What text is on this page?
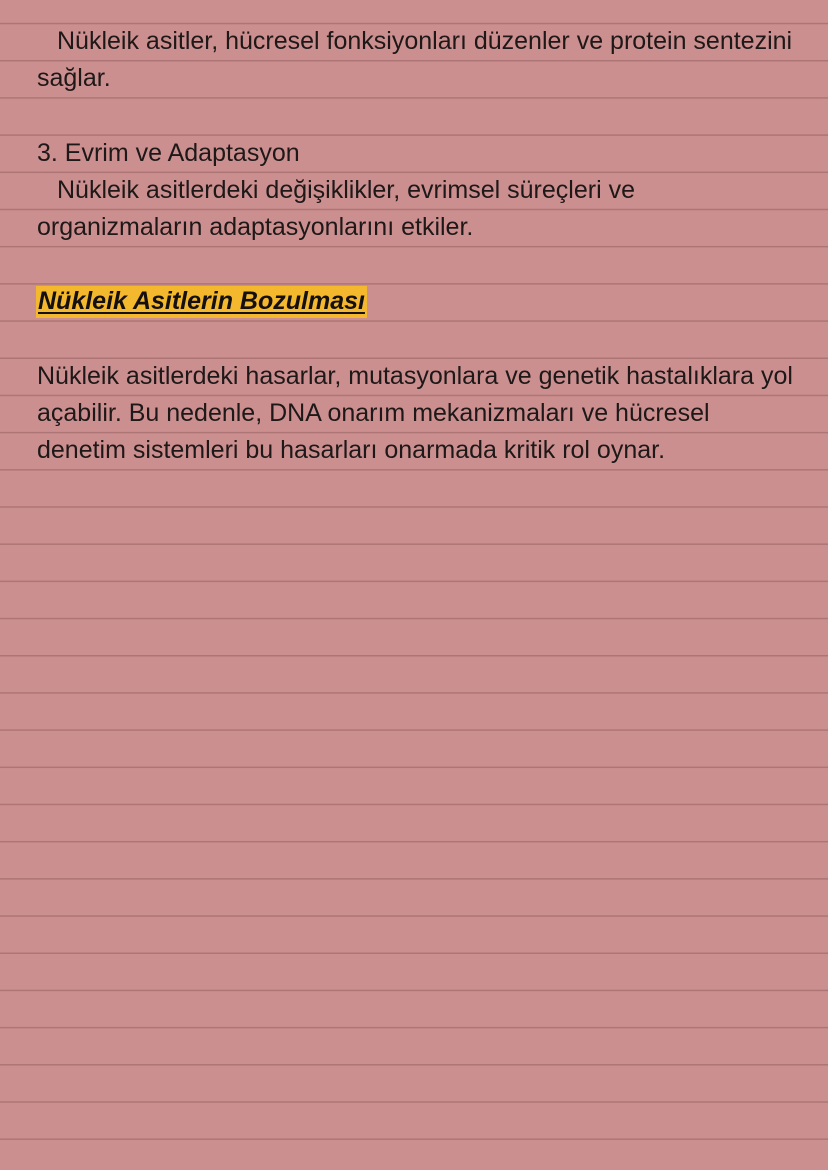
Nükleik asitler, hücresel fonksiyonları düzenler ve protein sentezini sağlar.

3. Evrim ve Adaptasyon

Nükleik asitlerdeki değişiklikler, evrimsel süreçleri ve organizmaların adaptasyonlarını etkiler.

Nükleik Asitlerin Bozulması

Nükleik asitlerdeki hasarlar, mutasyonlara ve genetik hastalıklara yol açabilir. Bu nedenle, DNA onarım mekanizmaları ve hücresel denetim sistemleri bu hasarları onarmada kritik rol oynar.
